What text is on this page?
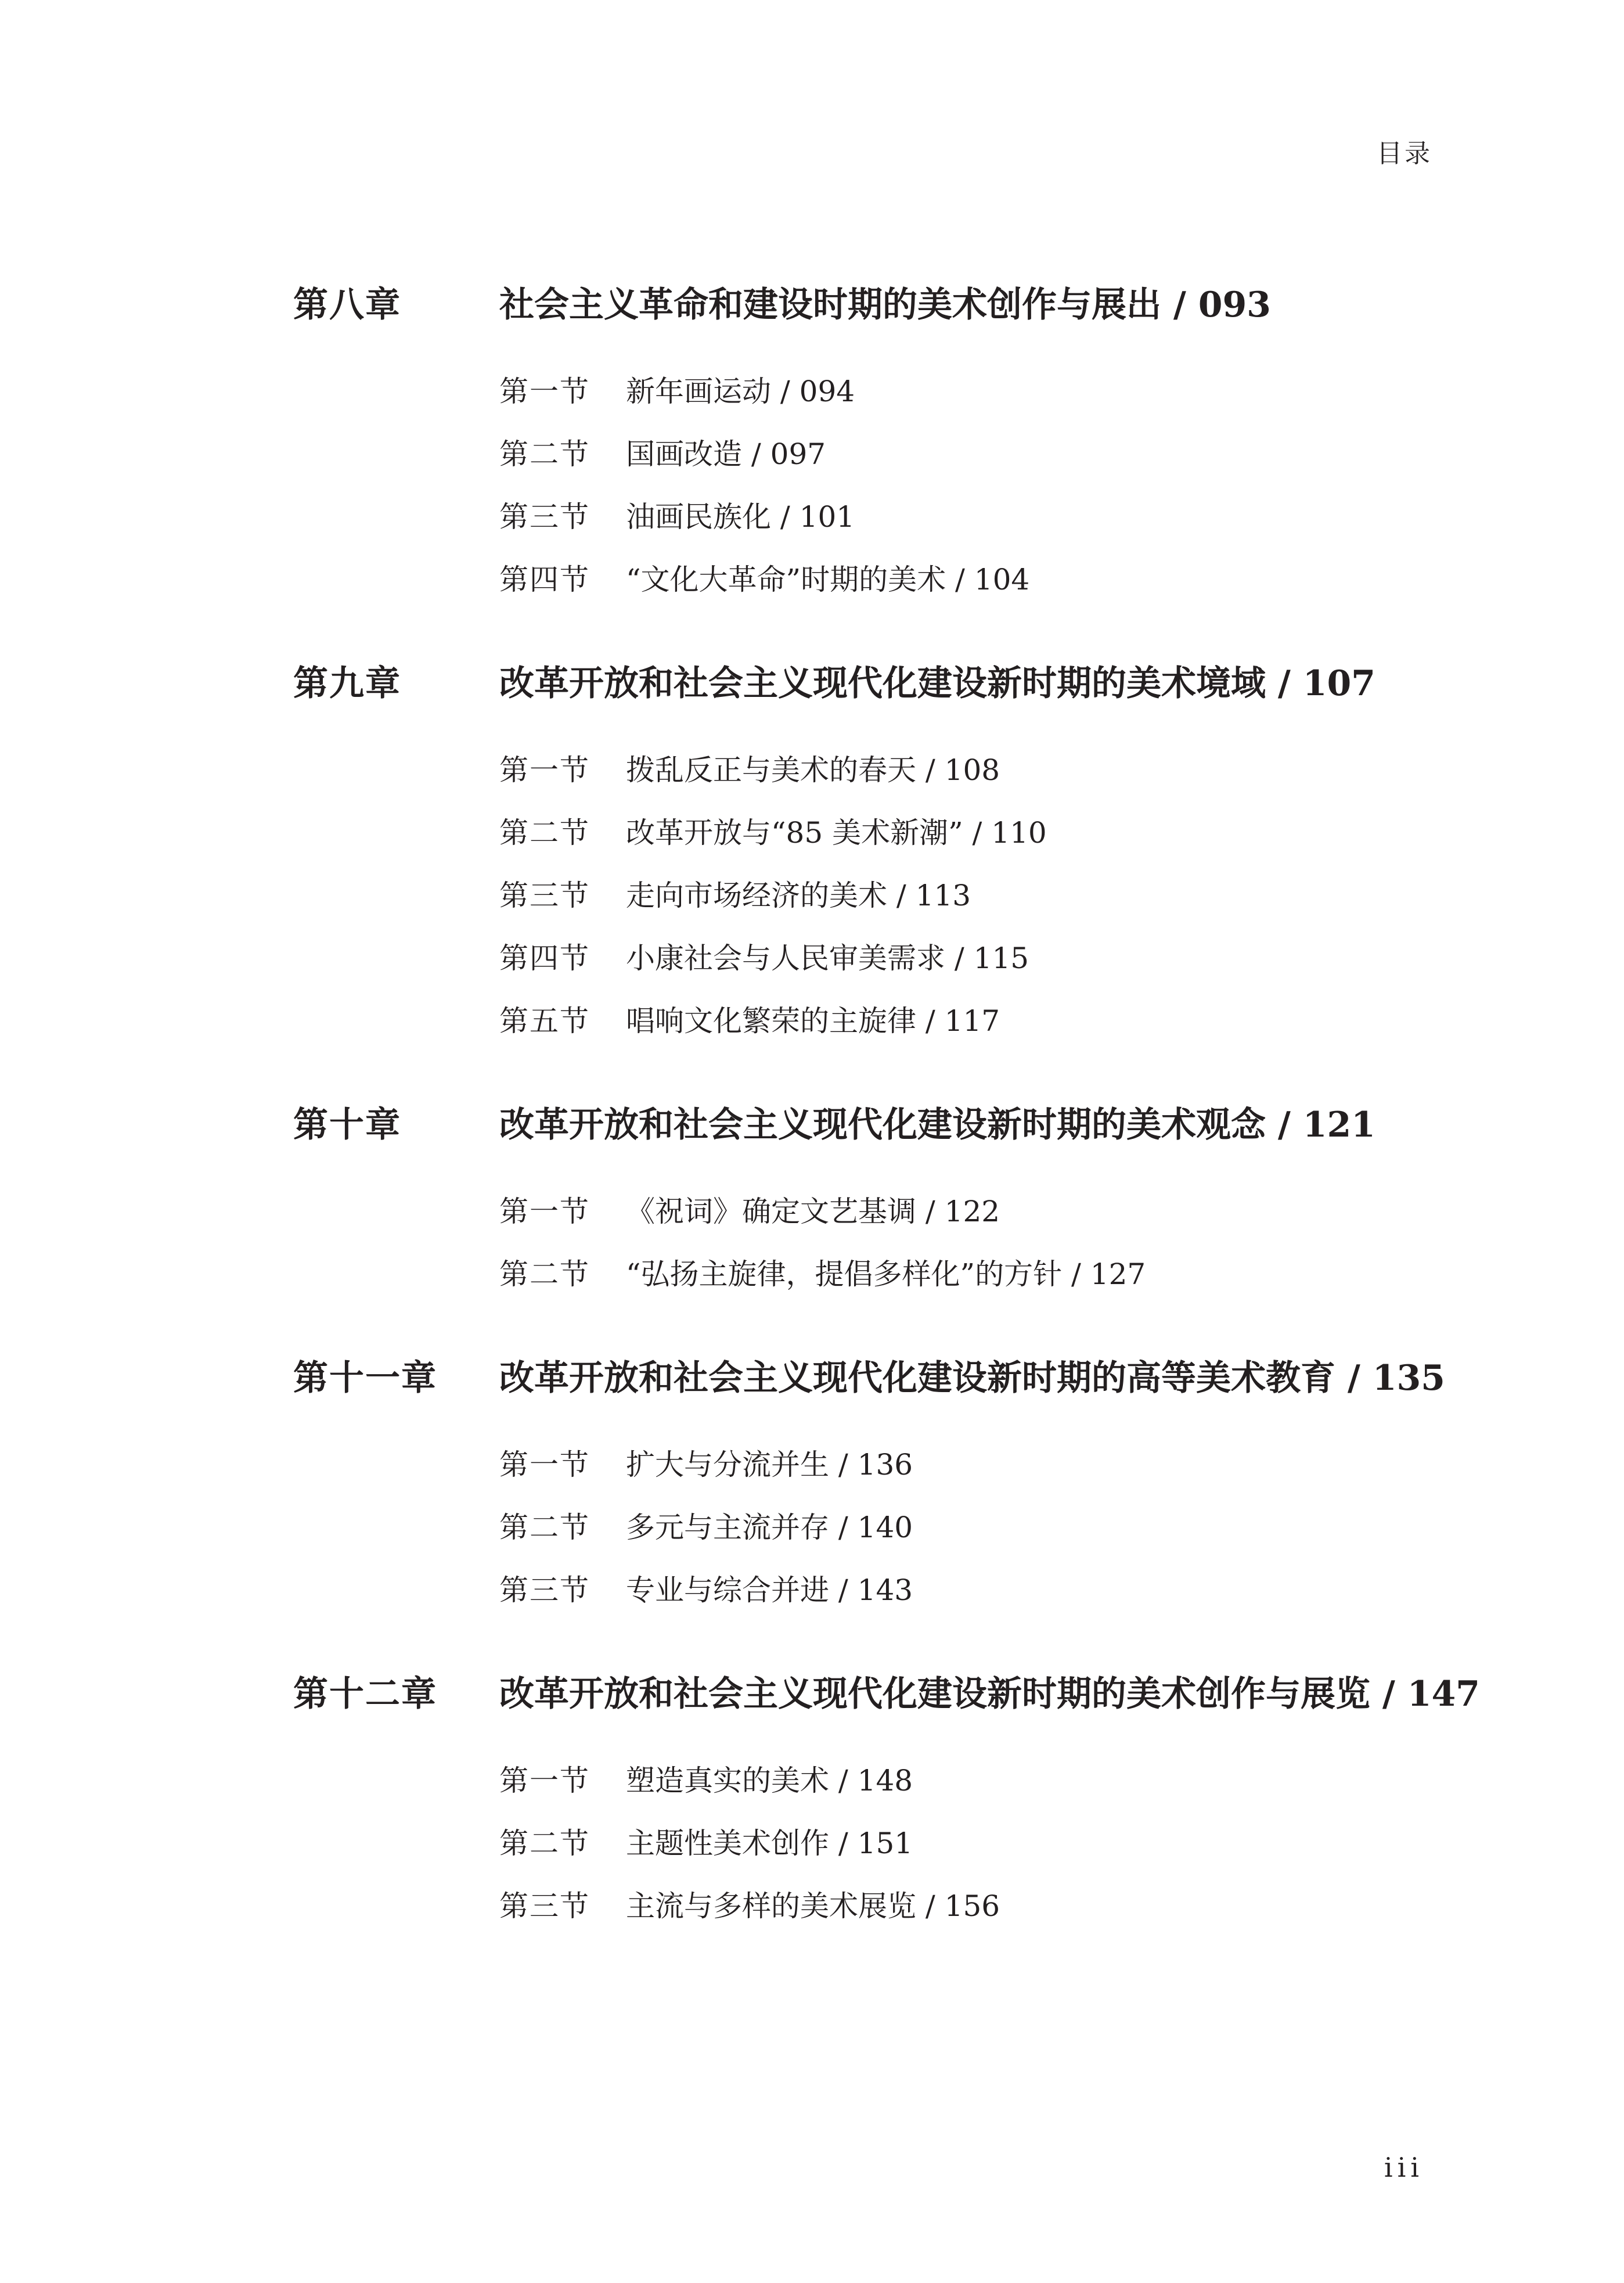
目录
第八章	社会主义革命和建设时期的美术创作与展出 / 093
第一节	新年画运动 / 094
第二节	国画改造 / 097
第三节	油画民族化 / 101
第四节	“文化大革命”时期的美术 / 104
第九章	改革开放和社会主义现代化建设新时期的美术境域 / 107
第一节	拨乱反正与美术的春天 / 108
第二节	改革开放与“85 美术新潮” / 110
第三节	走向市场经济的美术 / 113
第四节	小康社会与人民审美需求 / 115
第五节	唱响文化繁荣的主旋律 / 117
第十章	改革开放和社会主义现代化建设新时期的美术观念 / 121
第一节	《祝词》确定文艺基调 / 122
第二节	“弘扬主旋律，提倡多样化”的方针 / 127
第十一章	改革开放和社会主义现代化建设新时期的高等美术教育 / 135
第一节	扩大与分流并生 / 136
第二节	多元与主流并存 / 140
第三节	专业与综合并进 / 143
第十二章	改革开放和社会主义现代化建设新时期的美术创作与展览 / 147
第一节	塑造真实的美术 / 148
第二节	主题性美术创作 / 151
第三节	主流与多样的美术展览 / 156
iii
